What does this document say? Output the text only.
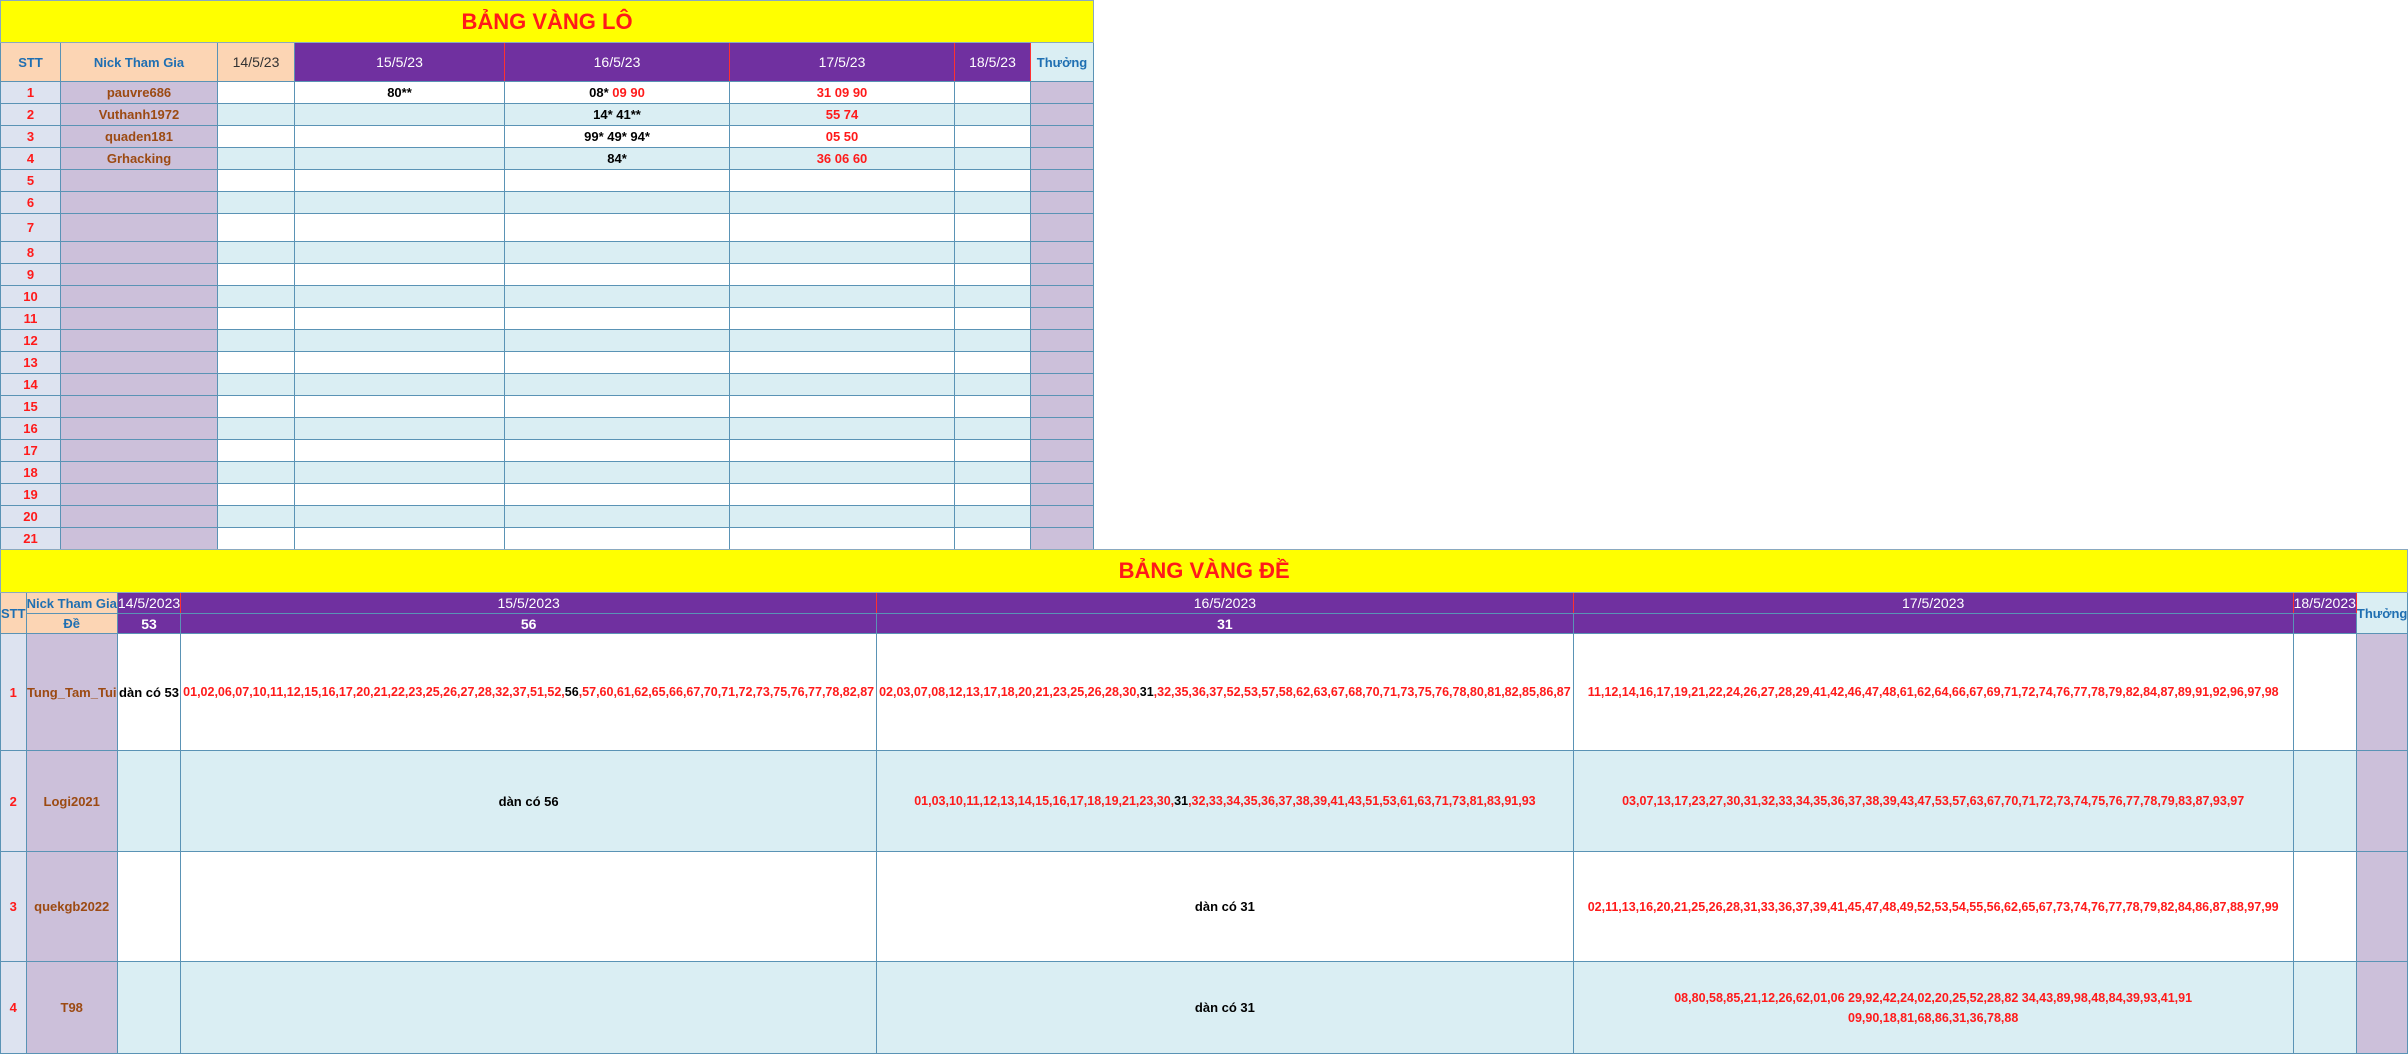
BẢNG VÀNG LÔ							
STT	Nick Tham Gia	14/5/23	15/5/23	16/5/23	17/5/23	18/5/23	Thưởng
1	pauvre686		80**	08* 09 90	31 09 90		
2	Vuthanh1972			14* 41**	55 74		
3	quaden181			99* 49* 94*	05 50		
4	Grhacking			84*	36 06 60		
5							
6							
7							
8							
9							
10							
11							
12							
13							
14							
15							
16							
17							
18							
19							
20							
21							
BẢNG VÀNG ĐỀ							
STT	Nick Tham Gia	14/5/2023	15/5/2023	16/5/2023	17/5/2023	18/5/2023	Thưởng
	Đề	53	56	31			
1	Tung_Tam_Tui	dàn có 53	01,02,06,07,10,11,12,15,16,17,20,21,22,23,25,26,27,28,32,37,51,52,56,57,60,61,62,65,66,67,70,71,72,73,75,76,77,78,82,87	02,03,07,08,12,13,17,18,20,21,23,25,26,28,30,31,32,35,36,37,52,53,57,58,62,63,67,68,70,71,73,75,76,78,80,81,82,85,86,87	11,12,14,16,17,19,21,22,24,26,27,28,29,41,42,46,47,48,61,62,64,66,67,69,71,72,74,76,77,78,79,82,84,87,89,91,92,96,97,98		
2	Logi2021		dàn có 56	01,03,10,11,12,13,14,15,16,17,18,19,21,23,30,31,32,33,34,35,36,37,38,39,41,43,51,53,61,63,71,73,81,83,91,93	03,07,13,17,23,27,30,31,32,33,34,35,36,37,38,39,43,47,53,57,63,67,70,71,72,73,74,75,76,77,78,79,83,87,93,97		
3	quekgb2022			dàn có 31	02,11,13,16,20,21,25,26,28,31,33,36,37,39,41,45,47,48,49,52,53,54,55,56,62,65,67,73,74,76,77,78,79,82,84,86,87,88,97,99		
4	T98			dàn có 31	08,80,58,85,21,12,26,62,01,06 29,92,42,24,02,20,25,52,28,82 34,43,89,98,48,84,39,93,41,91 09,90,18,81,68,86,31,36,78,88		
